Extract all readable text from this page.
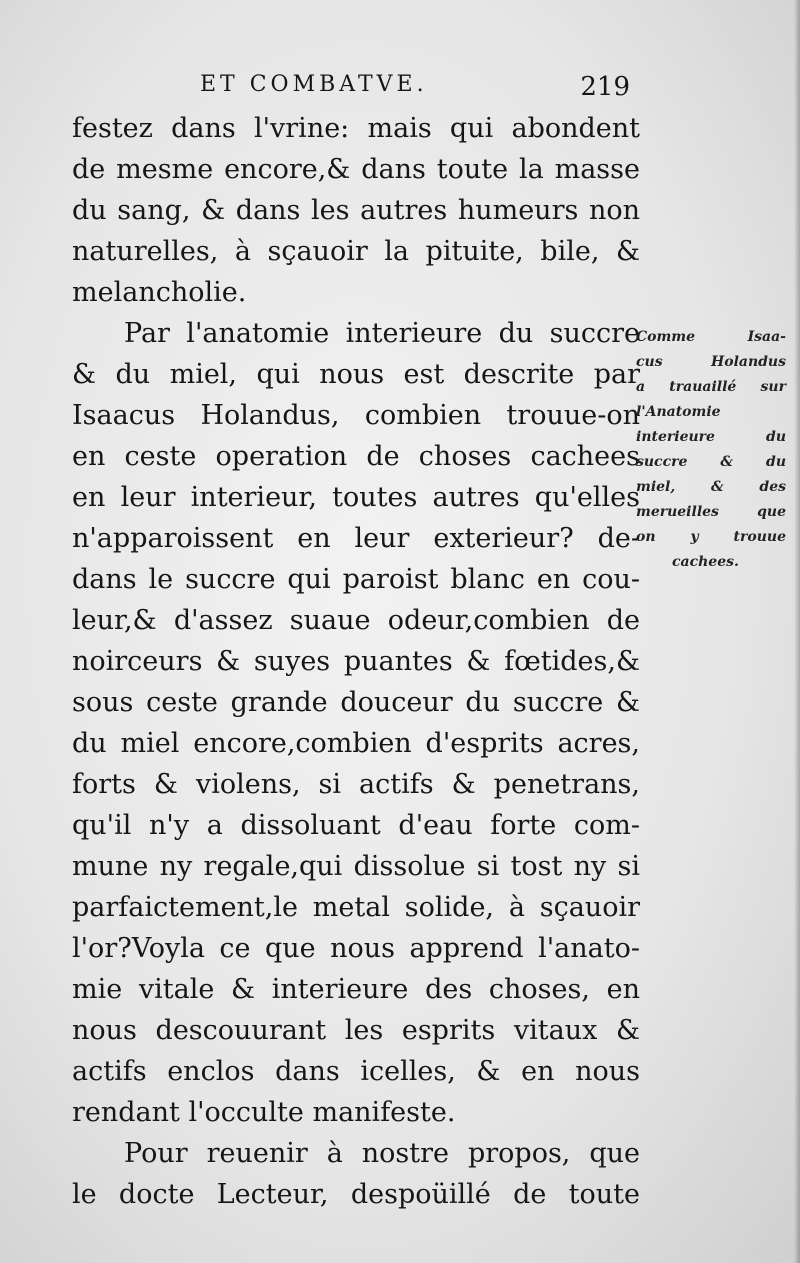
ET COMBATVE.	219
festez dans l'vrine: mais qui abondent
de mesme encore,& dans toute la masse
du sang, & dans les autres humeurs non
naturelles, à sçauoir la pituite, bile, &
melancholie.
Par l'anatomie interieure du succre
& du miel, qui nous est descrite par
Isaacus Holandus, combien trouue-on
en ceste operation de choses cachees
en leur interieur, toutes autres qu'elles
n'apparoissent en leur exterieur? de-
dans le succre qui paroist blanc en cou-
leur,& d'assez suaue odeur,combien de
noirceurs & suyes puantes & fœtides,&
sous ceste grande douceur du succre &
du miel encore,combien d'esprits acres,
forts & violens, si actifs & penetrans,
qu'il n'y a dissoluant d'eau forte com-
mune ny regale,qui dissolue si tost ny si
parfaictement,le metal solide, à sçauoir
l'or?Voyla ce que nous apprend l'anato-
mie vitale & interieure des choses, en
nous descouurant les esprits vitaux &
actifs enclos dans icelles, & en nous
rendant l'occulte manifeste.
Pour reuenir à nostre propos, que
le docte Lecteur, despoüillé de toute
Comme Isaa-
cus Holandus
a trauaillé sur
l'Anatomie
interieure du
succre & du
miel, & des
merueilles que
on y trouue
cachees.
